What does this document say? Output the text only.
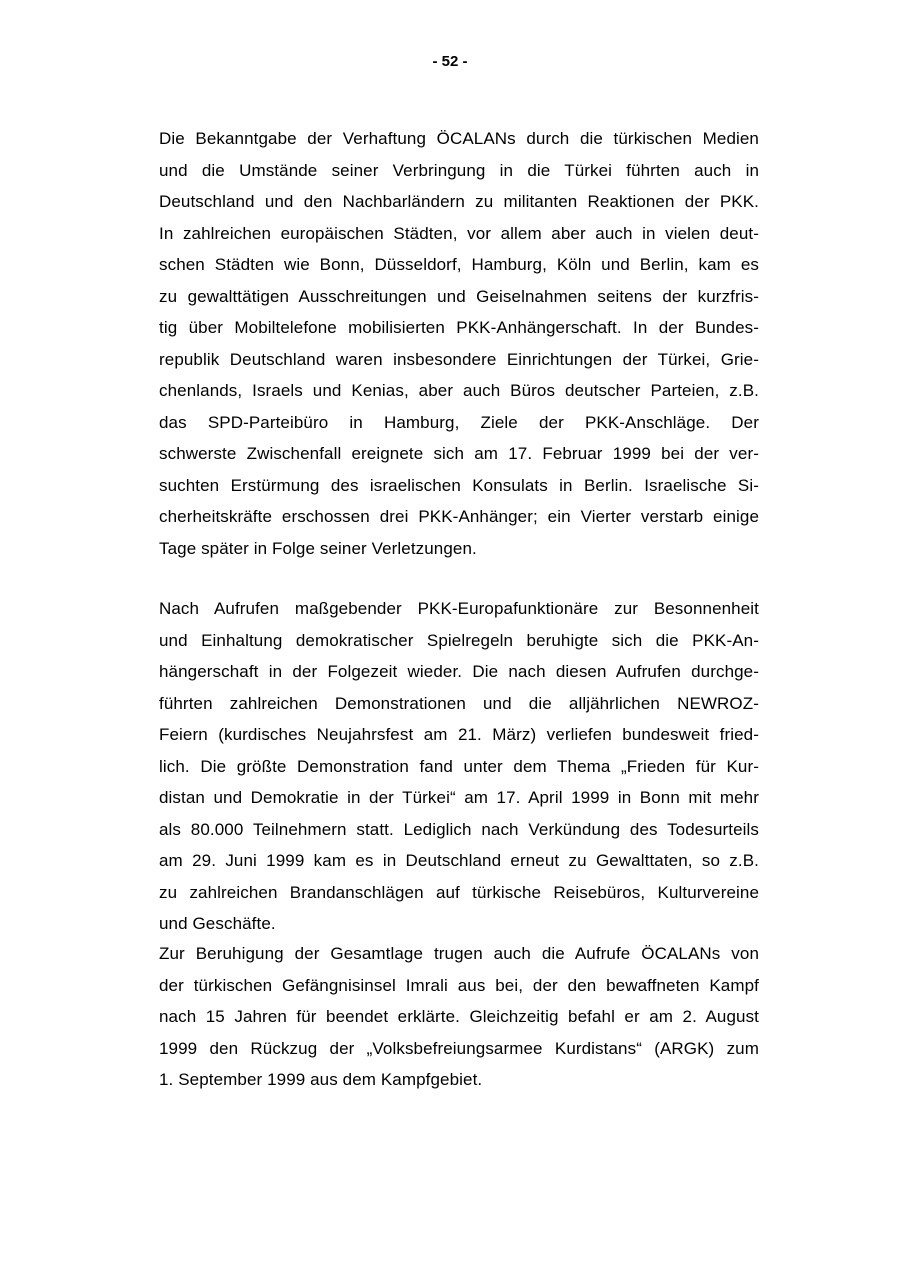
- 52 -

Die Bekanntgabe der Verhaftung ÖCALANs durch die türkischen Medien
und die Umstände seiner Verbringung in die Türkei führten auch in
Deutschland und den Nachbarländern zu militanten Reaktionen der PKK.
In zahlreichen europäischen Städten, vor allem aber auch in vielen deut-
schen Städten wie Bonn, Düsseldorf, Hamburg, Köln und Berlin, kam es
zu gewalttätigen Ausschreitungen und Geiselnahmen seitens der kurzfris-
tig über Mobiltelefone mobilisierten PKK-Anhängerschaft. In der Bundes-
republik Deutschland waren insbesondere Einrichtungen der Türkei, Grie-
chenlands, Israels und Kenias, aber auch Büros deutscher Parteien, z.B.
das SPD-Parteibüro in Hamburg, Ziele der PKK-Anschläge. Der
schwerste Zwischenfall ereignete sich am 17. Februar 1999 bei der ver-
suchten Erstürmung des israelischen Konsulats in Berlin. Israelische Si-
cherheitskräfte erschossen drei PKK-Anhänger; ein Vierter verstarb einige
Tage später in Folge seiner Verletzungen.

Nach Aufrufen maßgebender PKK-Europafunktionäre zur Besonnenheit
und Einhaltung demokratischer Spielregeln beruhigte sich die PKK-An-
hängerschaft in der Folgezeit wieder. Die nach diesen Aufrufen durchge-
führten zahlreichen Demonstrationen und die alljährlichen NEWROZ-
Feiern (kurdisches Neujahrsfest am 21. März) verliefen bundesweit fried-
lich. Die größte Demonstration fand unter dem Thema „Frieden für Kur-
distan und Demokratie in der Türkei“ am 17. April 1999 in Bonn mit mehr
als 80.000 Teilnehmern statt. Lediglich nach Verkündung des Todesurteils
am 29. Juni 1999 kam es in Deutschland erneut zu Gewalttaten, so z.B.
zu zahlreichen Brandanschlägen auf türkische Reisebüros, Kulturvereine
und Geschäfte.

Zur Beruhigung der Gesamtlage trugen auch die Aufrufe ÖCALANs von
der türkischen Gefängnisinsel Imrali aus bei, der den bewaffneten Kampf
nach 15 Jahren für beendet erklärte. Gleichzeitig befahl er am 2. August
1999 den Rückzug der „Volksbefreiungsarmee Kurdistans“ (ARGK) zum
1. September 1999 aus dem Kampfgebiet.
